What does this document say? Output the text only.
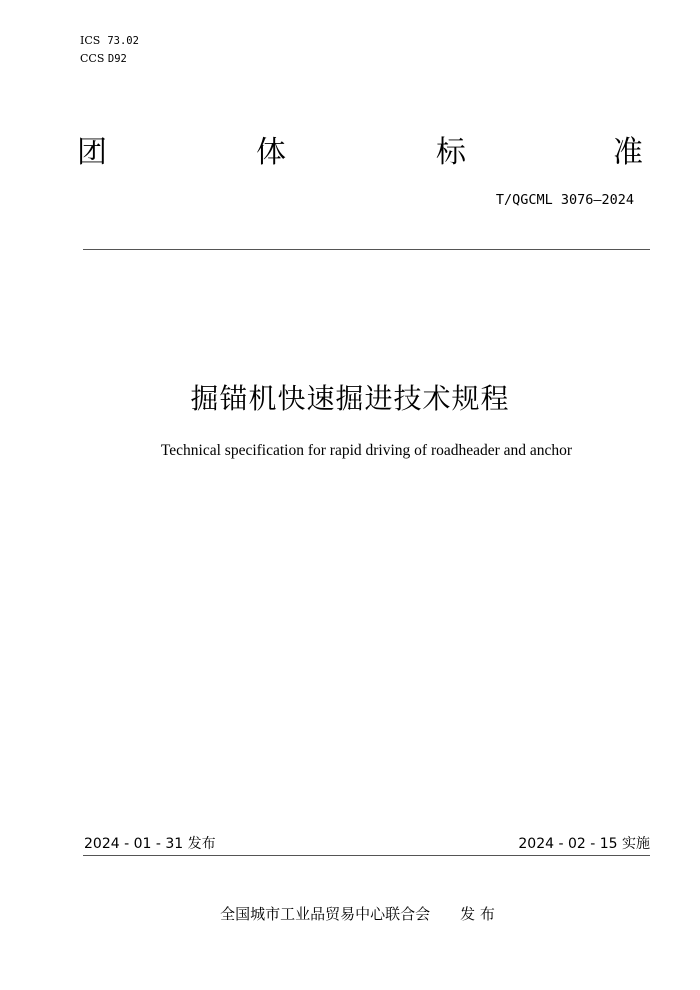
ICS 73.02
CCS D92
团	体	标	准
T/QGCML 3076—2024
掘锚机快速掘进技术规程
Technical specification for rapid driving of roadheader and anchor
2024 - 01 - 31 发布	2024 - 02 - 15 实施
全国城市工业品贸易中心联合会 发 布
